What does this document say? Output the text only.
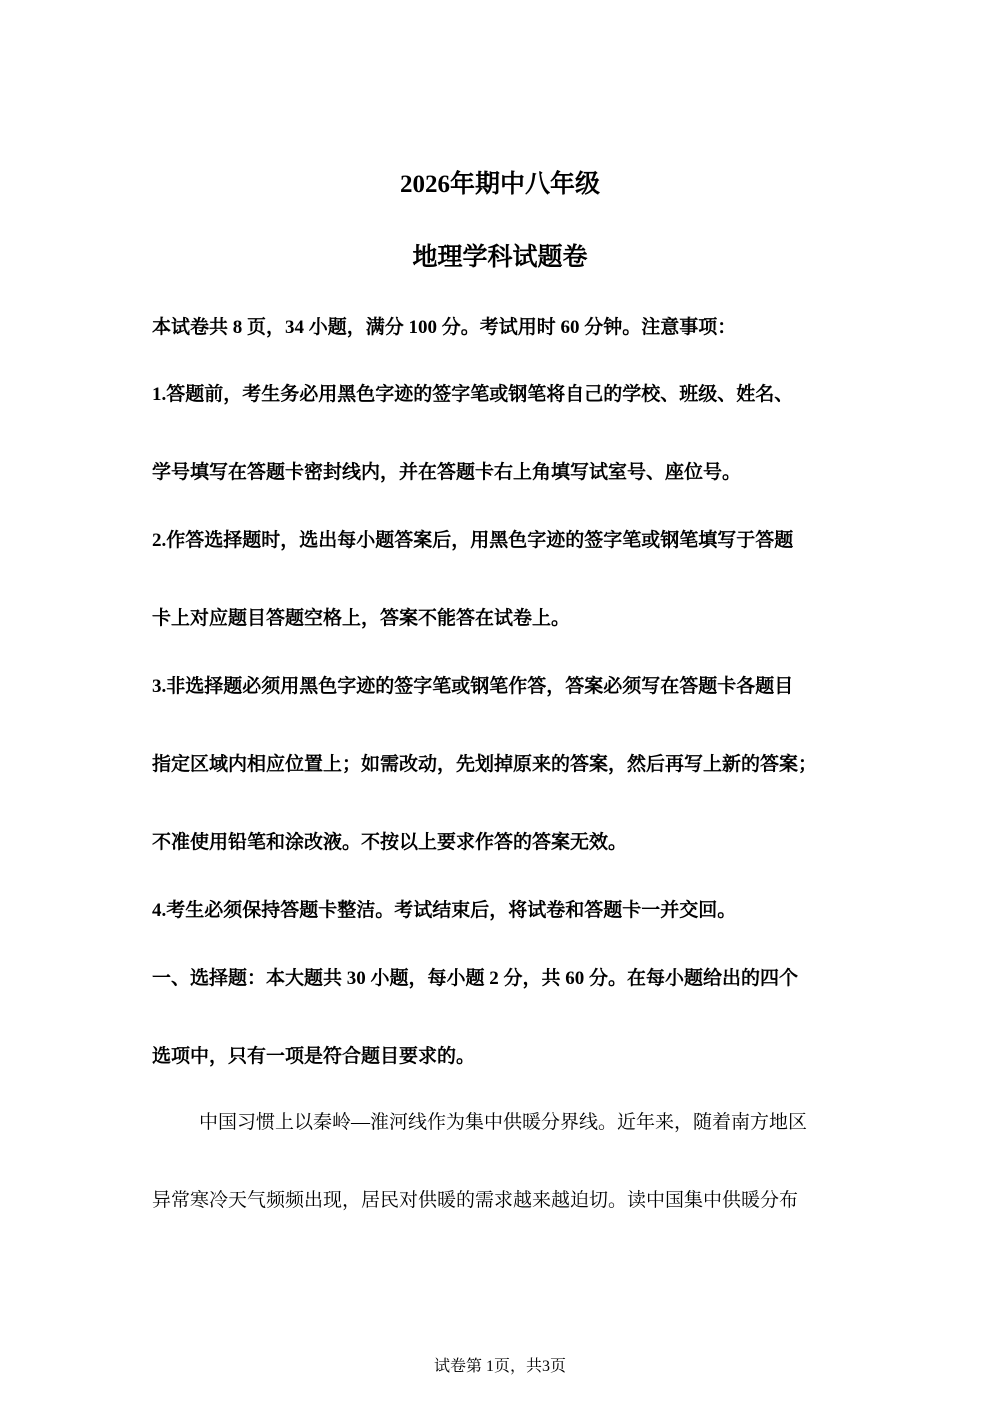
2026年期中八年级
地理学科试题卷
本试卷共 8 页，34 小题，满分 100 分。考试用时 60 分钟。注意事项：
1.答题前，考生务必用黑色字迹的签字笔或钢笔将自己的学校、班级、姓名、
学号填写在答题卡密封线内，并在答题卡右上角填写试室号、座位号。
2.作答选择题时，选出每小题答案后，用黑色字迹的签字笔或钢笔填写于答题
卡上对应题目答题空格上，答案不能答在试卷上。
3.非选择题必须用黑色字迹的签字笔或钢笔作答，答案必须写在答题卡各题目
指定区域内相应位置上；如需改动，先划掉原来的答案，然后再写上新的答案；
不准使用铅笔和涂改液。不按以上要求作答的答案无效。
4.考生必须保持答题卡整洁。考试结束后，将试卷和答题卡一并交回。
一、选择题：本大题共 30 小题，每小题 2 分，共 60 分。在每小题给出的四个
选项中，只有一项是符合题目要求的。
中国习惯上以秦岭—淮河线作为集中供暖分界线。近年来，随着南方地区
异常寒冷天气频频出现，居民对供暖的需求越来越迫切。读中国集中供暖分布
试卷第 1页，共3页
